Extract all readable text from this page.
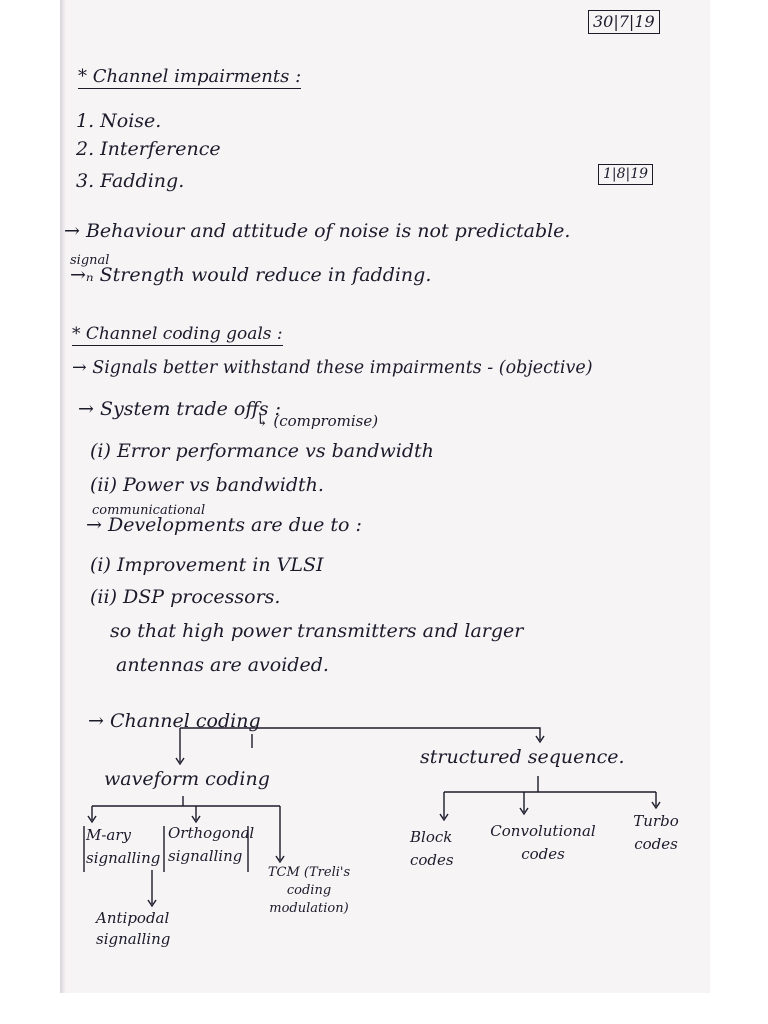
30|7|19
1|8|19
* Channel impairments :
1. Noise.
2. Interference
3. Fadding.
→ Behaviour and attitude of noise is not predictable.
signal
→ₙ Strength would reduce in fadding.
* Channel coding goals :
→ Signals better withstand these impairments - (objective)
→ System trade offs :
↳ (compromise)
(i) Error performance vs bandwidth
(ii) Power vs bandwidth.
communicational
→ Developments are due to :
(i) Improvement in VLSI
(ii) DSP processors.
so that high power transmitters and larger
antennas are avoided.
→ Channel coding
waveform coding
structured sequence.
M-ary signalling
Orthogonal signalling
TCM (Treli's coding modulation)
Antipodal signalling
Block codes
Convolutional codes
Turbo codes
